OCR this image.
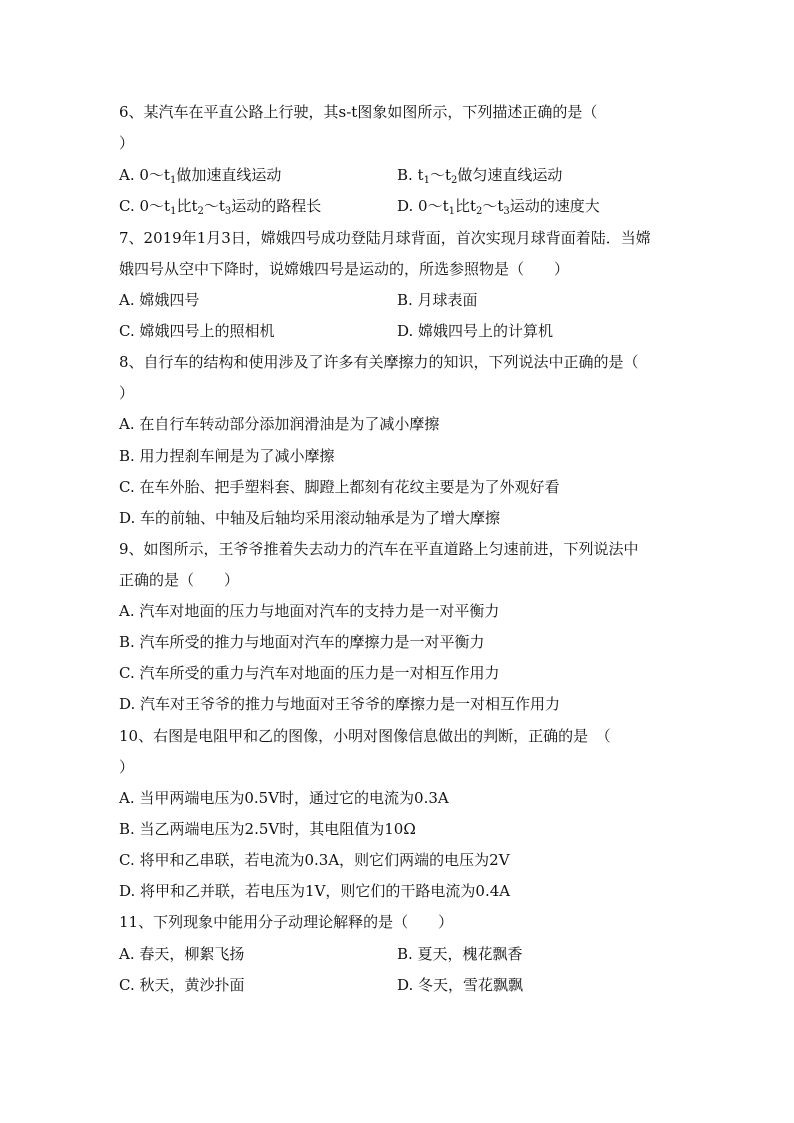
6、某汽车在平直公路上行驶，其s-t图象如图所示，下列描述正确的是（
）
A. $0\sim t_1$做加速直线运动	B. $t_1\sim t_2$做匀速直线运动
C. $0\sim t_1$比$t_2\sim t_3$运动的路程长	D. $0\sim t_1$比$t_2\sim t_3$运动的速度大
7、2019年1月3日，嫦娥四号成功登陆月球背面，首次实现月球背面着陆．当嫦
娥四号从空中下降时，说嫦娥四号是运动的，所选参照物是（　　）
A. 嫦娥四号	B. 月球表面
C. 嫦娥四号上的照相机	D. 嫦娥四号上的计算机
8、自行车的结构和使用涉及了许多有关摩擦力的知识，下列说法中正确的是（
）
A. 在自行车转动部分添加润滑油是为了减小摩擦
B. 用力捏刹车闸是为了减小摩擦
C. 在车外胎、把手塑料套、脚蹬上都刻有花纹主要是为了外观好看
D. 车的前轴、中轴及后轴均采用滚动轴承是为了增大摩擦
9、如图所示，王爷爷推着失去动力的汽车在平直道路上匀速前进，下列说法中
正确的是（　　）
A. 汽车对地面的压力与地面对汽车的支持力是一对平衡力
B. 汽车所受的推力与地面对汽车的摩擦力是一对平衡力
C. 汽车所受的重力与汽车对地面的压力是一对相互作用力
D. 汽车对王爷爷的推力与地面对王爷爷的摩擦力是一对相互作用力
10、右图是电阻甲和乙的图像，小明对图像信息做出的判断，正确的是　（
）
A. 当甲两端电压为0.5V时，通过它的电流为0.3A
B. 当乙两端电压为2.5V时，其电阻值为10Ω
C. 将甲和乙串联，若电流为0.3A，则它们两端的电压为2V
D. 将甲和乙并联，若电压为1V，则它们的干路电流为0.4A
11、下列现象中能用分子动理论解释的是（　　）
A. 春天，柳絮飞扬	B. 夏天，槐花飘香
C. 秋天，黄沙扑面	D. 冬天，雪花飘飘
